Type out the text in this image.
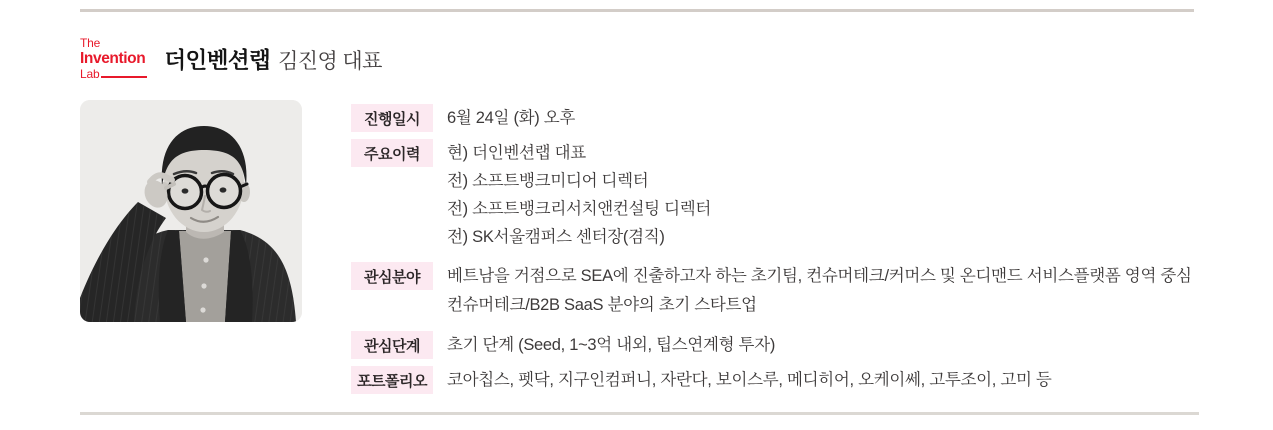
The
Invention
Lab
더인벤션랩 김진영 대표
진행일시	6월 24일 (화) 오후
주요이력	현) 더인벤션랩 대표
전) 소프트뱅크미디어 디렉터
전) 소프트뱅크리서치앤컨설팅 디렉터
전) SK서울캠퍼스 센터장(겸직)
관심분야	베트남을 거점으로 SEA에 진출하고자 하는 초기팀, 컨슈머테크/커머스 및 온디맨드 서비스플랫폼 영역 중심
컨슈머테크/B2B SaaS 분야의 초기 스타트업
관심단계	초기 단계 (Seed, 1~3억 내외, 팁스연계형 투자)
포트폴리오	코아칩스, 펫닥, 지구인컴퍼니, 자란다, 보이스루, 메디히어, 오케이쎄, 고투조이, 고미 등
